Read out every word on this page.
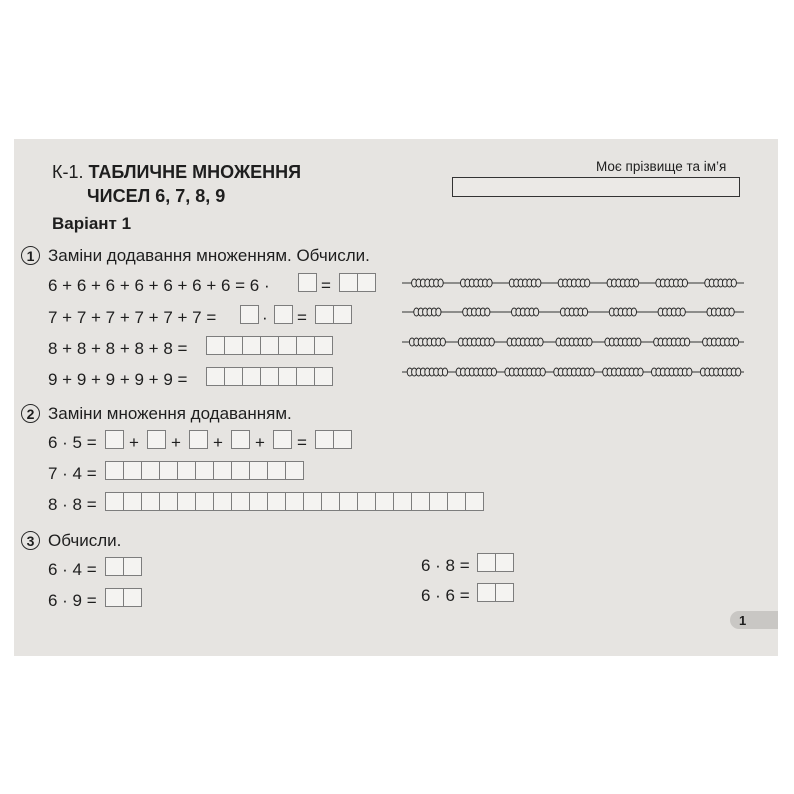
К-1. ТАБЛИЧНЕ МНОЖЕННЯ
ЧИСЕЛ 6, 7, 8, 9
Моє прізвище та ім’я
Варіант 1
1 Заміни додавання множенням. Обчисли.
6 + 6 + 6 + 6 + 6 + 6 + 6 = 6 ·	=
7 + 7 + 7 + 7 + 7 + 7 =	· =
8 + 8 + 8 + 8 + 8 =
9 + 9 + 9 + 9 + 9 =
2 Заміни множення додаванням.
6 · 5 = + + + + =
7 · 4 =
8 · 8 =
3 Обчисли.
6 · 4 =
6 · 9 =
6 · 8 =
6 · 6 =
1
